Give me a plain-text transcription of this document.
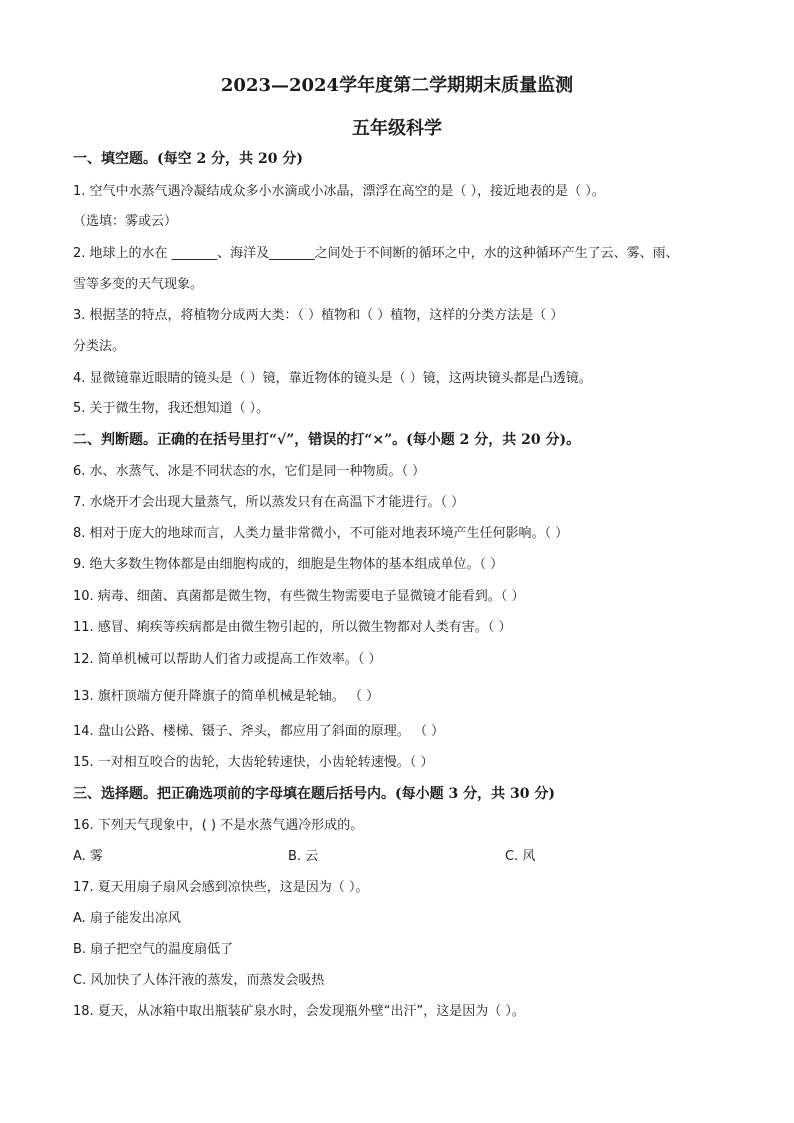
2023—2024学年度第二学期期末质量监测
五年级科学
一、填空题。(每空 2 分，共 20 分)
1. 空气中水蒸气遇冷凝结成众多小水滴或小冰晶，漂浮在高空的是（ ），接近地表的是（ ）。
（选填：雾或云）
2. 地球上的水在 _______、海洋及_______之间处于不间断的循环之中，水的这种循环产生了云、雾、雨、
雪等多变的天气现象。
3. 根据茎的特点，将植物分成两大类：（ ）植物和（ ）植物，这样的分类方法是（ ）
分类法。
4. 显微镜靠近眼睛的镜头是（ ）镜，靠近物体的镜头是（ ）镜，这两块镜头都是凸透镜。
5. 关于微生物，我还想知道（ ）。
二、判断题。正确的在括号里打“√”，错误的打“×”。(每小题 2 分，共 20 分)。
6. 水、水蒸气、冰是不同状态的水，它们是同一种物质。（ ）
7. 水烧开才会出现大量蒸气，所以蒸发只有在高温下才能进行。（ ）
8. 相对于庞大的地球而言，人类力量非常微小，不可能对地表环境产生任何影响。（ ）
9. 绝大多数生物体都是由细胞构成的，细胞是生物体的基本组成单位。（ ）
10. 病毒、细菌、真菌都是微生物，有些微生物需要电子显微镜才能看到。（ ）
11. 感冒、痢疾等疾病都是由微生物引起的，所以微生物都对人类有害。（ ）
12. 简单机械可以帮助人们省力或提高工作效率。（ ）
13. 旗杆顶端方便升降旗子的简单机械是轮轴。 （ ）
14. 盘山公路、楼梯、镊子、斧头，都应用了斜面的原理。 （ ）
15. 一对相互咬合的齿轮，大齿轮转速快，小齿轮转速慢。（ ）
三、选择题。把正确选项前的字母填在题后括号内。(每小题 3 分，共 30 分)
16. 下列天气现象中，( ) 不是水蒸气遇冷形成的。
A. 雾	B. 云	C. 风
17. 夏天用扇子扇风会感到凉快些，这是因为（ ）。
A. 扇子能发出凉风
B. 扇子把空气的温度扇低了
C. 风加快了人体汗液的蒸发，而蒸发会吸热
18. 夏天，从冰箱中取出瓶装矿泉水时，会发现瓶外壁“出汗”，这是因为（ ）。
